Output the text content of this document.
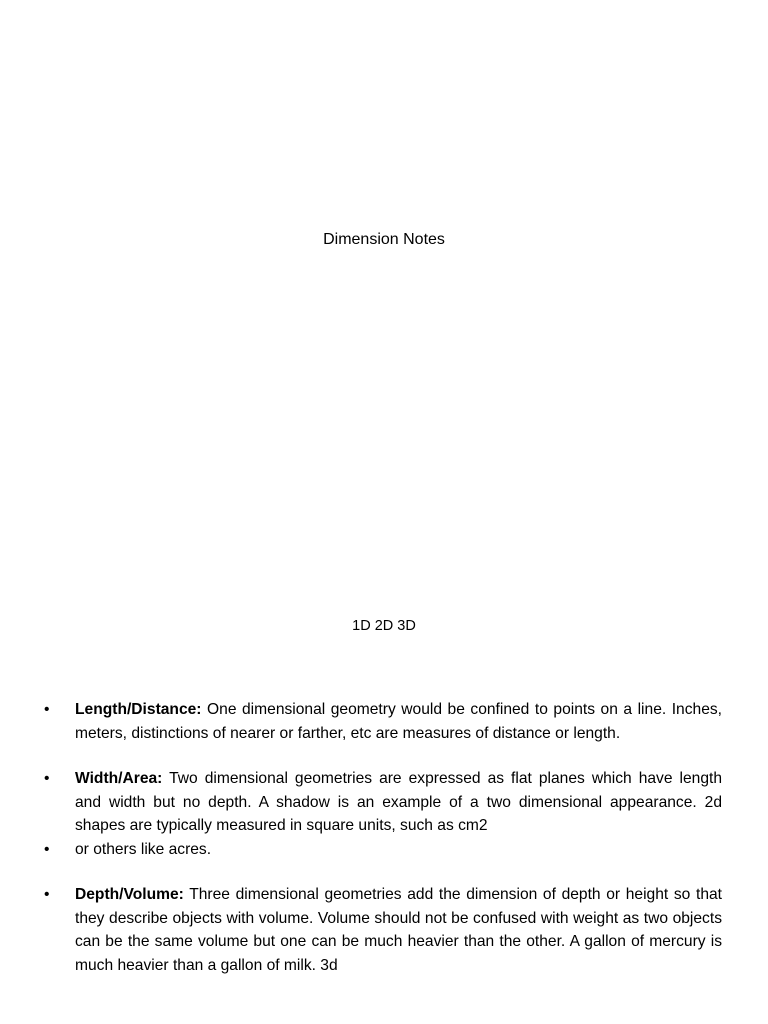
Dimension Notes
1D 2D 3D
•	Length/Distance: One dimensional geometry would be confined to points on a line. Inches, meters, distinctions of nearer or farther, etc are measures of distance or length.
•	Width/Area: Two dimensional geometries are expressed as flat planes which have length and width but no depth. A shadow is an example of a two dimensional appearance. 2d shapes are typically measured in square units, such as cm2
•	or others like acres.
•	Depth/Volume: Three dimensional geometries add the dimension of depth or height so that they describe objects with volume. Volume should not be confused with weight as two objects can be the same volume but one can be much heavier than the other. A gallon of mercury is much heavier than a gallon of milk. 3d
